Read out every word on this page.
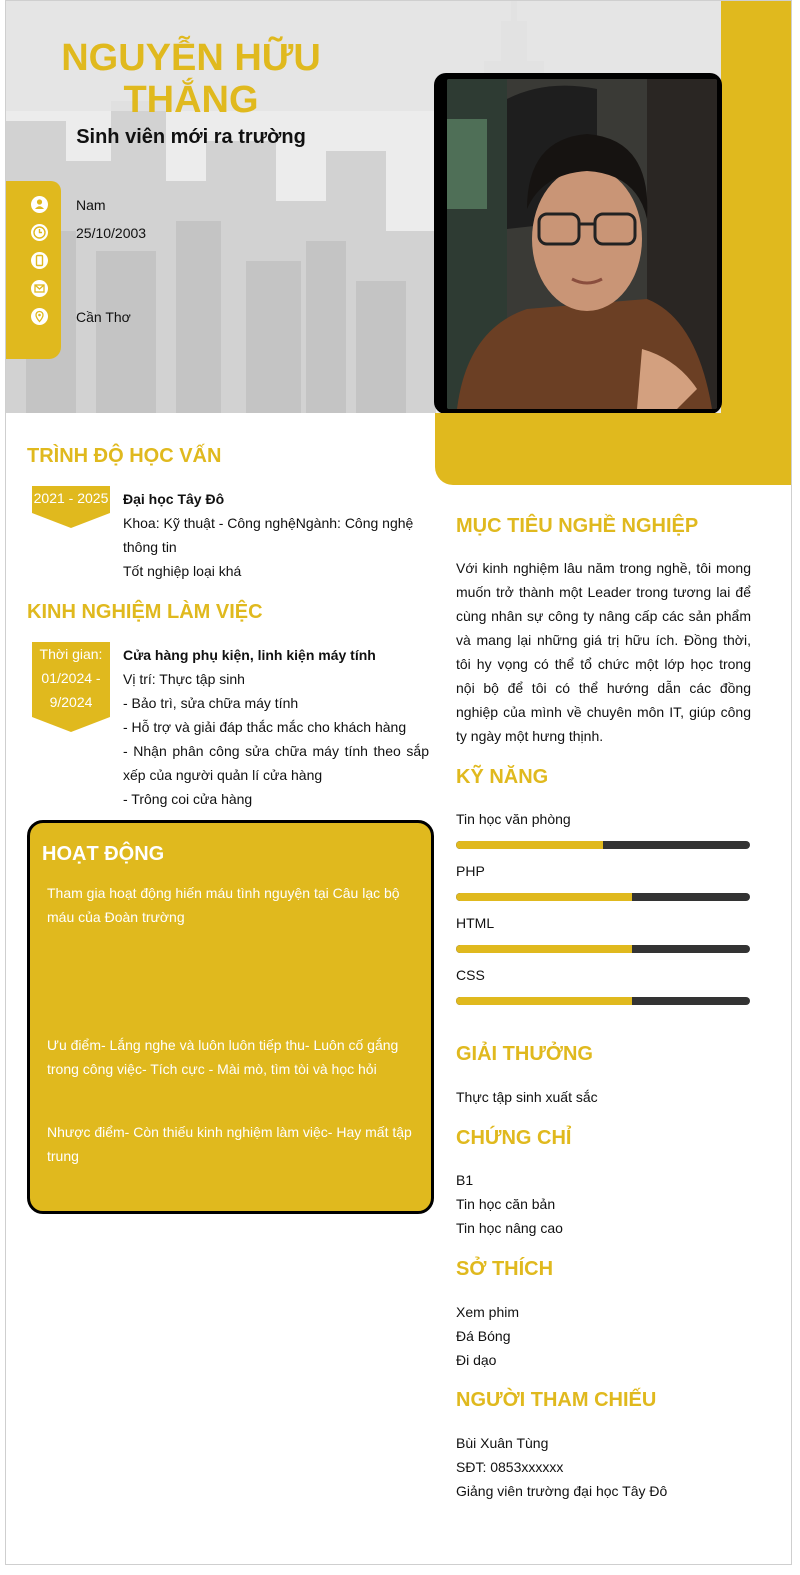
NGUYỄN HỮU THẮNG
Sinh viên mới ra trường
Nam
25/10/2003
Cần Thơ
TRÌNH ĐỘ HỌC VẤN
2021 - 2025 Đại học Tây Đô
Khoa: Kỹ thuật - Công nghệNgành: Công nghệ thông tin
Tốt nghiệp loại khá
KINH NGHIỆM LÀM VIỆC
Thời gian: 01/2024 - 9/2024
Cửa hàng phụ kiện, linh kiện máy tính
Vị trí: Thực tập sinh
- Bảo trì, sửa chữa máy tính
- Hỗ trợ và giải đáp thắc mắc cho khách hàng
- Nhận phân công sửa chữa máy tính theo sắp xếp của người quản lí cửa hàng
- Trông coi cửa hàng
HOẠT ĐỘNG
Tham gia hoạt động hiến máu tình nguyện tại Câu lạc bộ máu của Đoàn trường
Ưu điểm- Lắng nghe và luôn luôn tiếp thu- Luôn cố gắng trong công việc- Tích cực - Mài mò, tìm tòi và học hỏi
Nhược điểm- Còn thiếu kinh nghiệm làm việc- Hay mất tập trung
MỤC TIÊU NGHỀ NGHIỆP
Với kinh nghiệm lâu năm trong nghề, tôi mong muốn trở thành một Leader trong tương lai để cùng nhân sự công ty nâng cấp các sản phẩm và mang lại những giá trị hữu ích. Đồng thời, tôi hy vọng có thể tổ chức một lớp học trong nội bộ để tôi có thể hướng dẫn các đồng nghiệp của mình về chuyên môn IT, giúp công ty ngày một hưng thịnh.
KỸ NĂNG
Tin học văn phòng
PHP
HTML
CSS
GIẢI THƯỞNG
Thực tập sinh xuất sắc
CHỨNG CHỈ
B1
Tin học căn bản
Tin học nâng cao
SỞ THÍCH
Xem phim
Đá Bóng
Đi dạo
NGƯỜI THAM CHIẾU
Bùi Xuân Tùng
SĐT: 0853xxxxxx
Giảng viên trường đại học Tây Đô
